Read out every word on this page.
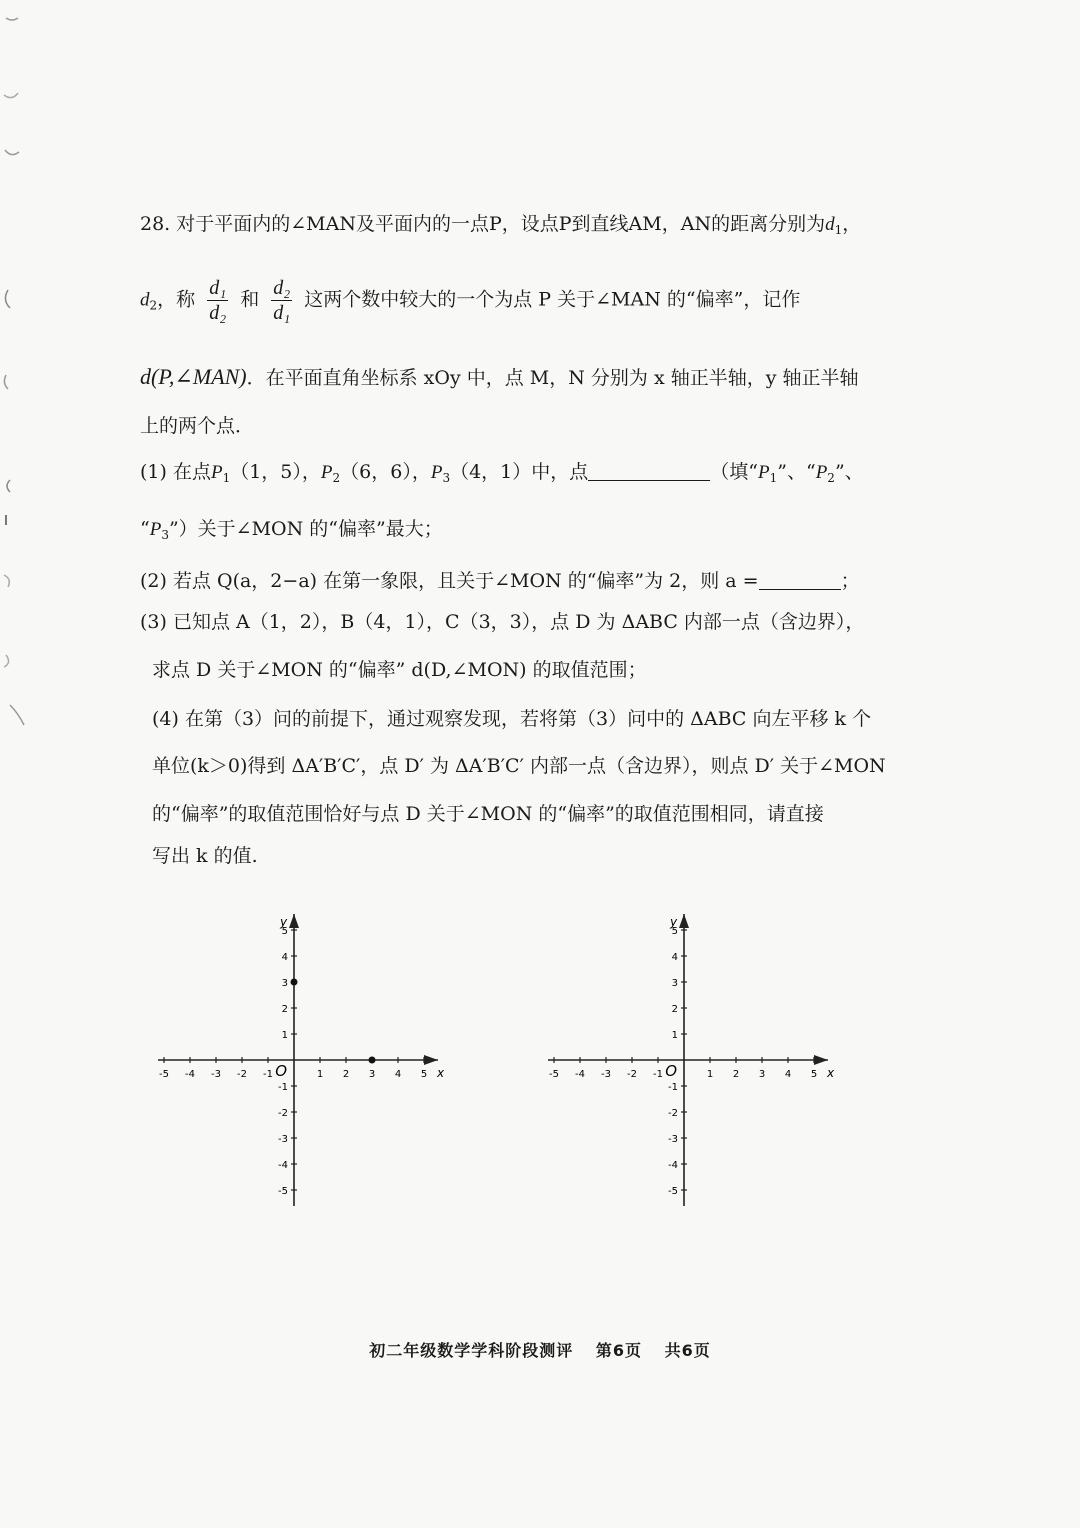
28. 对于平面内的∠MAN及平面内的一点P，设点P到直线AM，AN的距离分别为$d_1$，
$d_2$，称 $\frac{\text{d₁}}{\text{d₂}}$ 和 $\frac{\text{d₂}}{\text{d₁}}$ 这两个数中较大的一个为点 P 关于∠MAN 的“偏率”，记作
d(P,∠MAN)．在平面直角坐标系 xOy 中，点 M，N 分别为 x 轴正半轴，y 轴正半轴
上的两个点．
(1) 在点$P_1(1$，5），$P_2(6$，6），$P_3(4$，1）中，点	（填“$P_1$”、“$P_2$”、
“$P_3$”）关于∠MON 的“偏率”最大；
(2) 若点 Q(a，2−a) 在第一象限，且关于∠MON 的“偏率”为 2，则 a =	；
(3) 已知点 A（1，2），B（4，1），C（3，3），点 D 为 ΔABC 内部一点（含边界），
求点 D 关于∠MON 的“偏率” d(D,∠MON) 的取值范围；
(4) 在第（3）问的前提下，通过观察发现，若将第（3）问中的 ΔABC 向左平移 k 个
单位(k＞0)得到 ΔA′B′C′，点 D′ 为 ΔA′B′C′ 内部一点（含边界），则点 D′ 关于∠MON
的“偏率”的取值范围恰好与点 D 关于∠MON 的“偏率”的取值范围相同，请直接
写出 k 的值.
-5 -4 -3 -2 -1	1 2 3 4 5
5
4
3
2
1
-1
-2
-3
-4
-5
O	x
y
-5 -4 -3 -2 -1	1 2 3 4 5
5
4
3
2
1
-1
-2
-3
-4
-5
O	x
y
初二年级数学学科阶段测评 第6页 共6页
